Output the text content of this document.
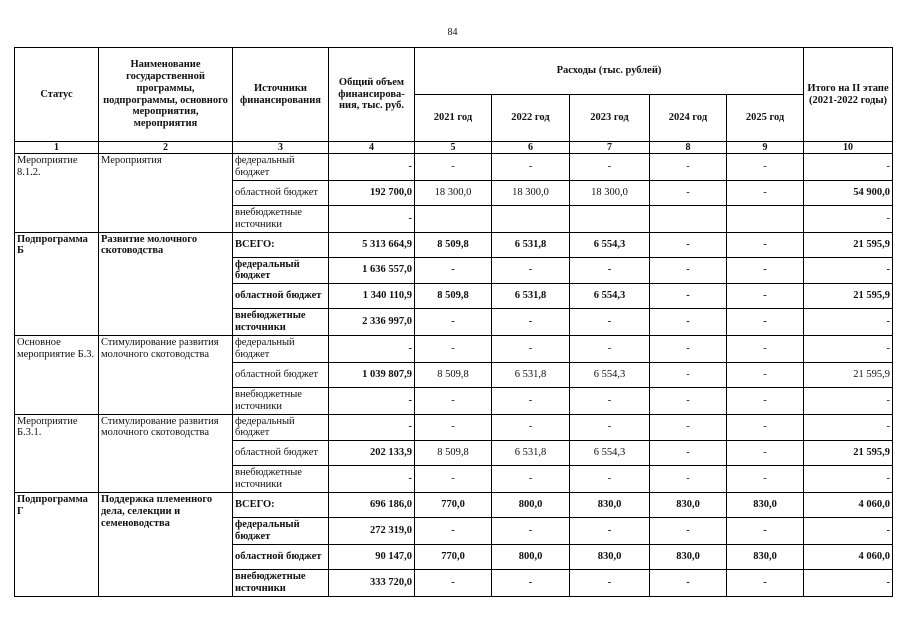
84
Статус	Наименование государственной программы, подпрограммы, основного мероприятия, мероприятия	Источники финансирования	Общий объем финансирова-ния, тыс. руб.	Расходы (тыс. рублей)					Итого на II этапе (2021-2022 годы)
				2021 год	2022 год	2023 год	2024 год	2025 год	
1	2	3	4	5	6	7	8	9	10
Мероприятие 8.1.2.	Мероприятия	федеральный бюджет	-	-	-	-	-	-	-
		областной бюджет	192 700,0	18 300,0	18 300,0	18 300,0	-	-	54 900,0
		внебюджетные источники	-						-
Подпрограмма Б	Развитие молочного скотоводства	ВСЕГО:	5 313 664,9	8 509,8	6 531,8	6 554,3	-	-	21 595,9
		федеральный бюджет	1 636 557,0	-	-	-	-	-	-
		областной бюджет	1 340 110,9	8 509,8	6 531,8	6 554,3	-	-	21 595,9
		внебюджетные источники	2 336 997,0	-	-	-	-	-	-
Основное мероприятие Б.3.	Стимулирование развития молочного скотоводства	федеральный бюджет	-	-	-	-	-	-	-
		областной бюджет	1 039 807,9	8 509,8	6 531,8	6 554,3	-	-	21 595,9
		внебюджетные источники	-	-	-	-	-	-	-
Мероприятие Б.3.1.	Стимулирование развития молочного скотоводства	федеральный бюджет	-	-	-	-	-	-	-
		областной бюджет	202 133,9	8 509,8	6 531,8	6 554,3	-	-	21 595,9
		внебюджетные источники	-	-	-	-	-	-	-
Подпрограмма Г	Поддержка племенного дела, селекции и семеноводства	ВСЕГО:	696 186,0	770,0	800,0	830,0	830,0	830,0	4 060,0
		федеральный бюджет	272 319,0	-	-	-	-	-	-
		областной бюджет	90 147,0	770,0	800,0	830,0	830,0	830,0	4 060,0
		внебюджетные источники	333 720,0	-	-	-	-	-	-
